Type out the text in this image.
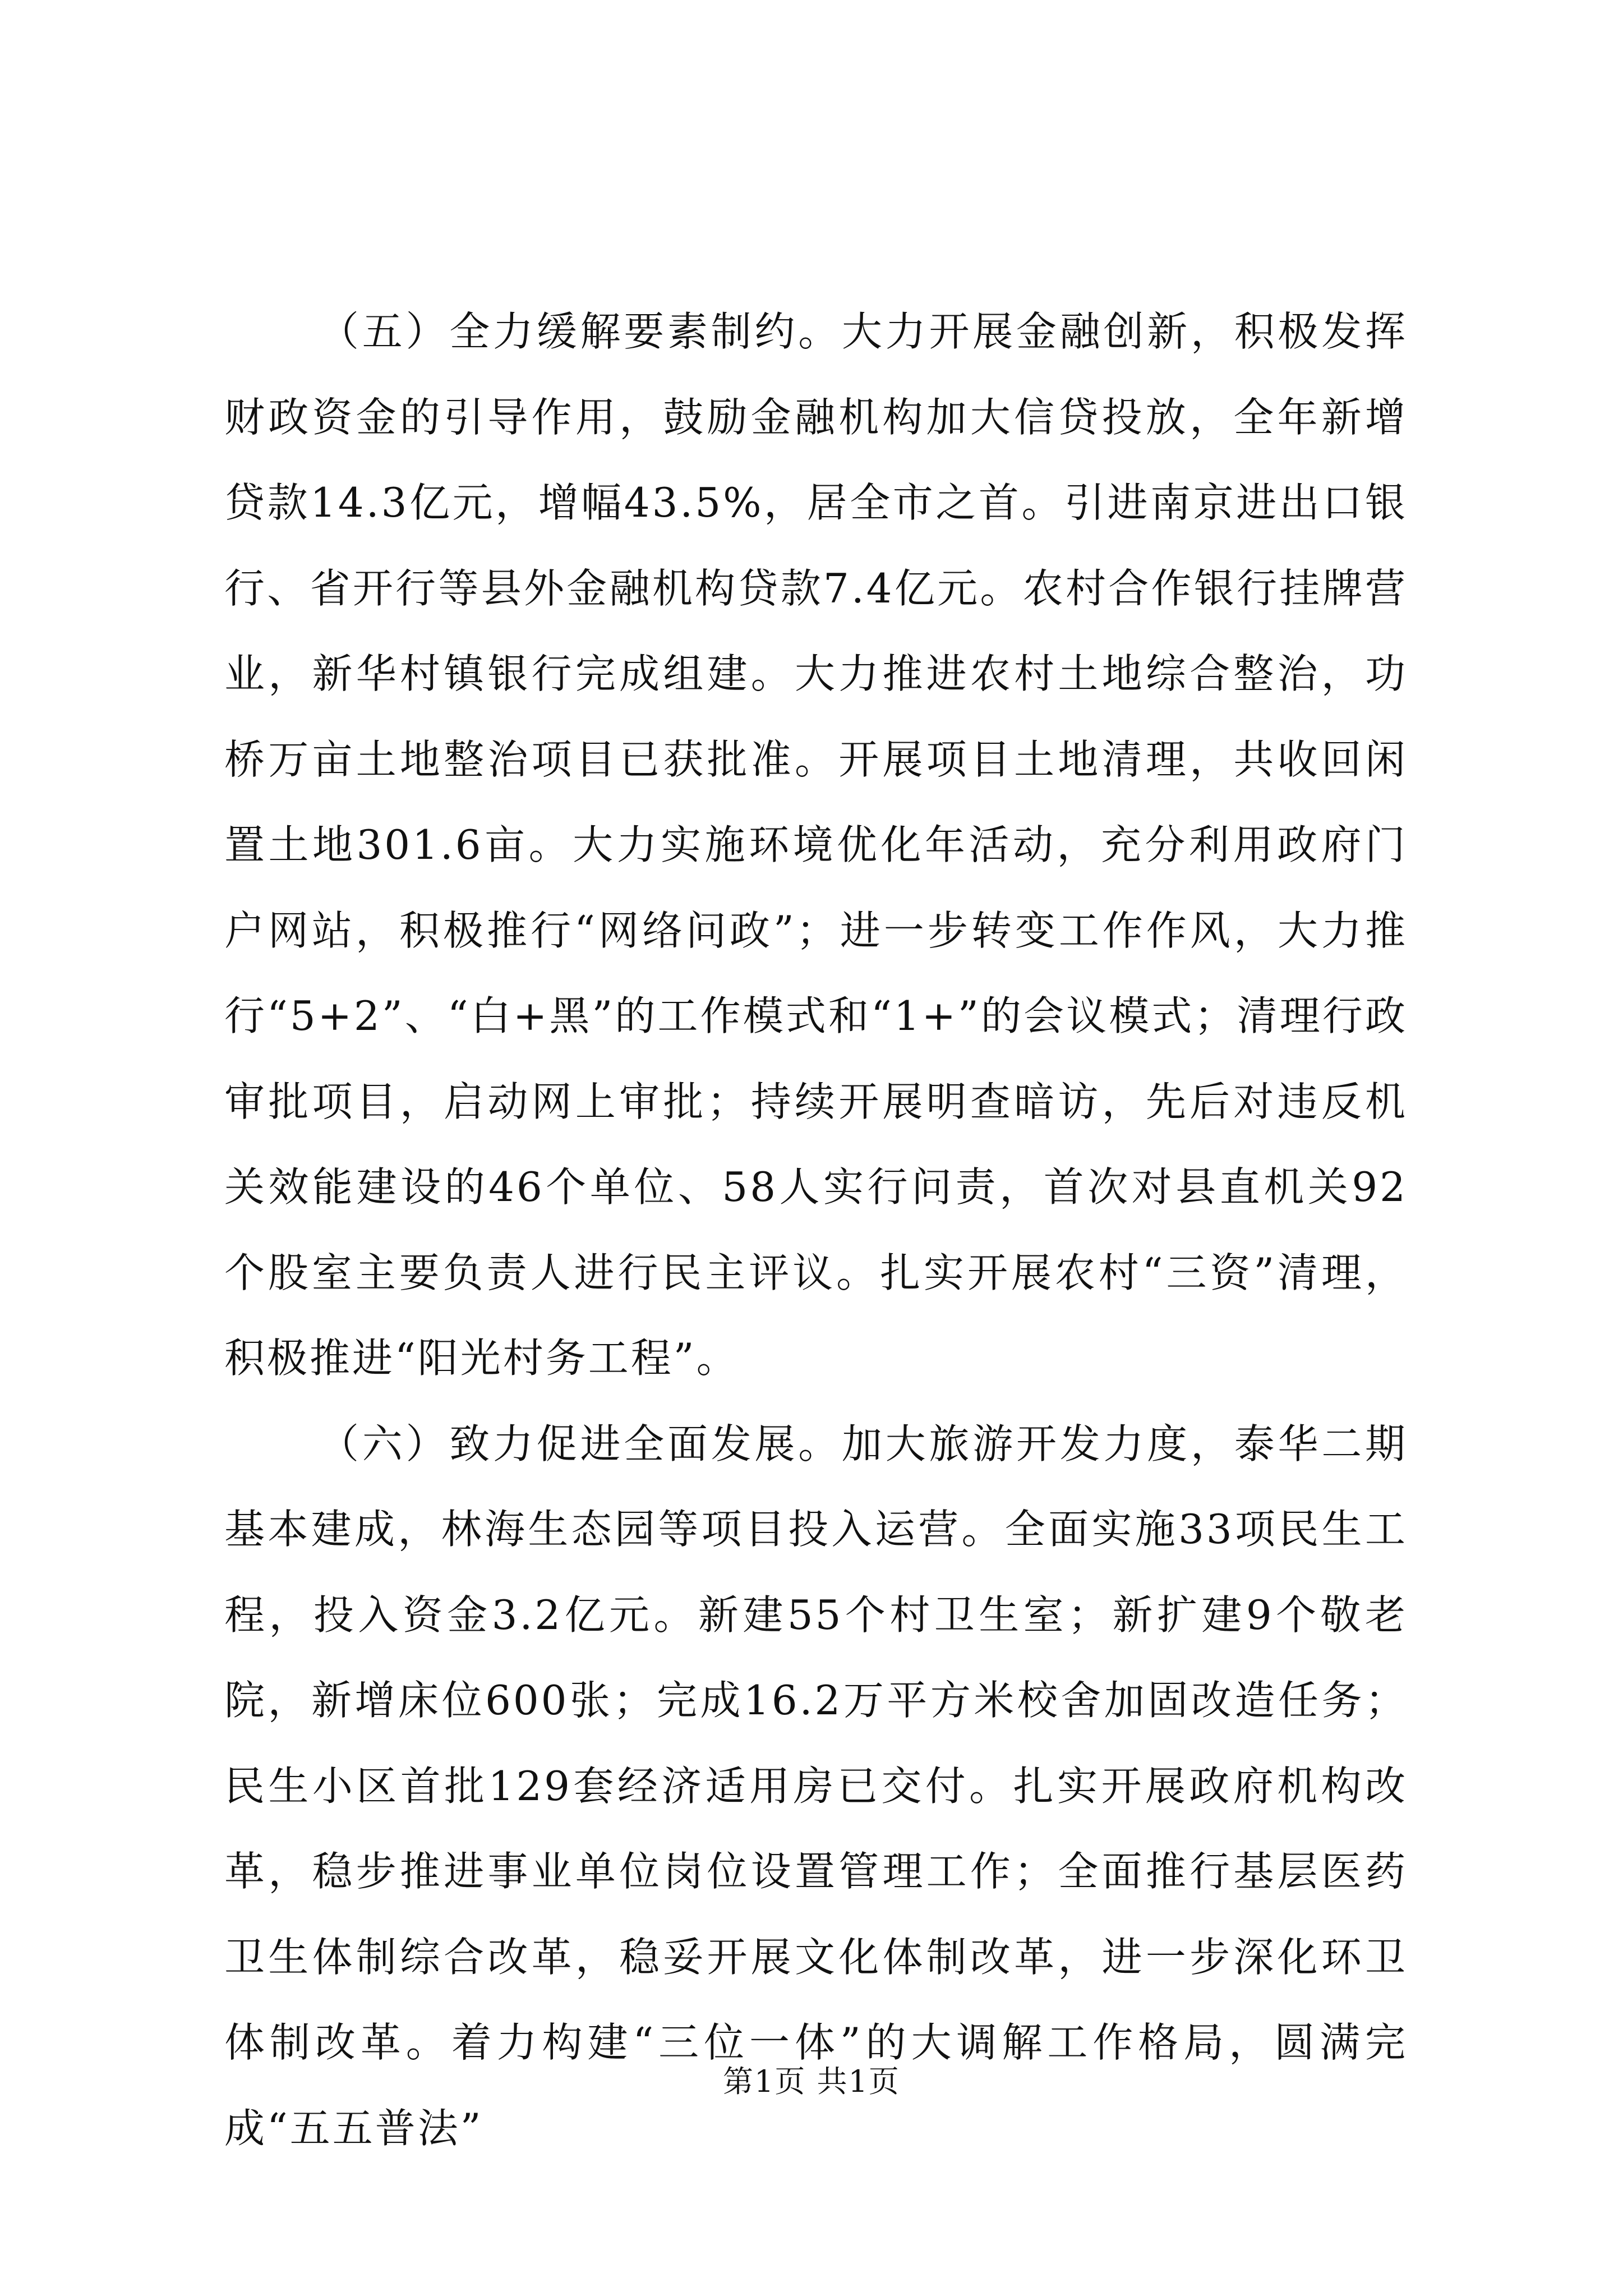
（五）全力缓解要素制约。大力开展金融创新，积极发挥财政资金的引导作用，鼓励金融机构加大信贷投放，全年新增贷款14.3亿元，增幅43.5%，居全市之首。引进南京进出口银行、省开行等县外金融机构贷款7.4亿元。农村合作银行挂牌营业，新华村镇银行完成组建。大力推进农村土地综合整治，功桥万亩土地整治项目已获批准。开展项目土地清理，共收回闲置土地301.6亩。大力实施环境优化年活动，充分利用政府门户网站，积极推行“网络问政”；进一步转变工作作风，大力推行“5+2”、“白+黑”的工作模式和“1+”的会议模式；清理行政审批项目，启动网上审批；持续开展明查暗访，先后对违反机关效能建设的46个单位、58人实行问责，首次对县直机关92个股室主要负责人进行民主评议。扎实开展农村“三资”清理，积极推进“阳光村务工程”。

（六）致力促进全面发展。加大旅游开发力度，泰华二期基本建成，林海生态园等项目投入运营。全面实施33项民生工程，投入资金3.2亿元。新建55个村卫生室；新扩建9个敬老院，新增床位600张；完成16.2万平方米校舍加固改造任务；民生小区首批129套经济适用房已交付。扎实开展政府机构改革，稳步推进事业单位岗位设置管理工作；全面推行基层医药卫生体制综合改革，稳妥开展文化体制改革，进一步深化环卫体制改革。着力构建“三位一体”的大调解工作格局，圆满完成“五五普法”

第1页 共1页
